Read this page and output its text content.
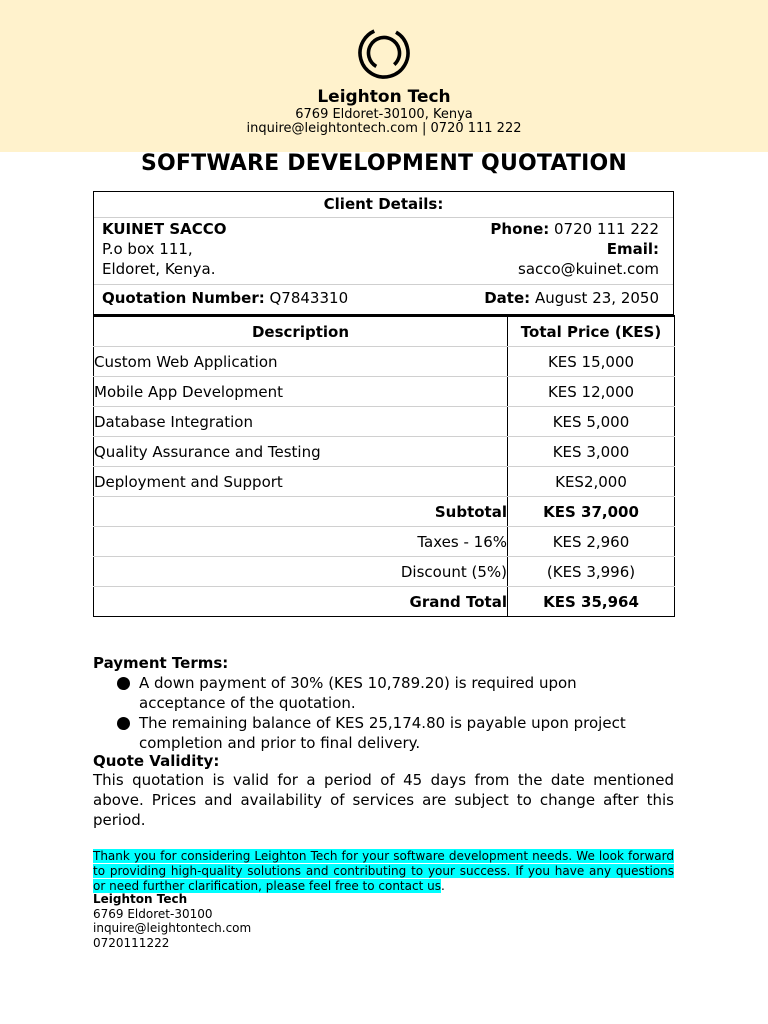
Leighton Tech
6769 Eldoret-30100, Kenya
inquire@leightontech.com | 0720 111 222
SOFTWARE DEVELOPMENT QUOTATION
Client Details:
KUINET SACCO
P.o box 111,
Eldoret, Kenya.
Phone: 0720 111 222
Email:
sacco@kuinet.com
Quotation Number: Q7843310	Date: August 23, 2050
Description	Total Price (KES)
Custom Web Application	KES 15,000
Mobile App Development	KES 12,000
Database Integration	KES 5,000
Quality Assurance and Testing	KES 3,000
Deployment and Support	KES2,000
Subtotal	KES 37,000
Taxes - 16%	KES 2,960
Discount (5%)	(KES 3,996)
Grand Total	KES 35,964
Payment Terms:
A down payment of 30% (KES 10,789.20) is required upon acceptance of the quotation.
The remaining balance of KES 25,174.80 is payable upon project completion and prior to final delivery.
Quote Validity:
This quotation is valid for a period of 45 days from the date mentioned above. Prices and availability of services are subject to change after this period.
Thank you for considering Leighton Tech for your software development needs. We look forward to providing high-quality solutions and contributing to your success. If you have any questions or need further clarification, please feel free to contact us.
Leighton Tech
6769 Eldoret-30100
inquire@leightontech.com
0720111222
